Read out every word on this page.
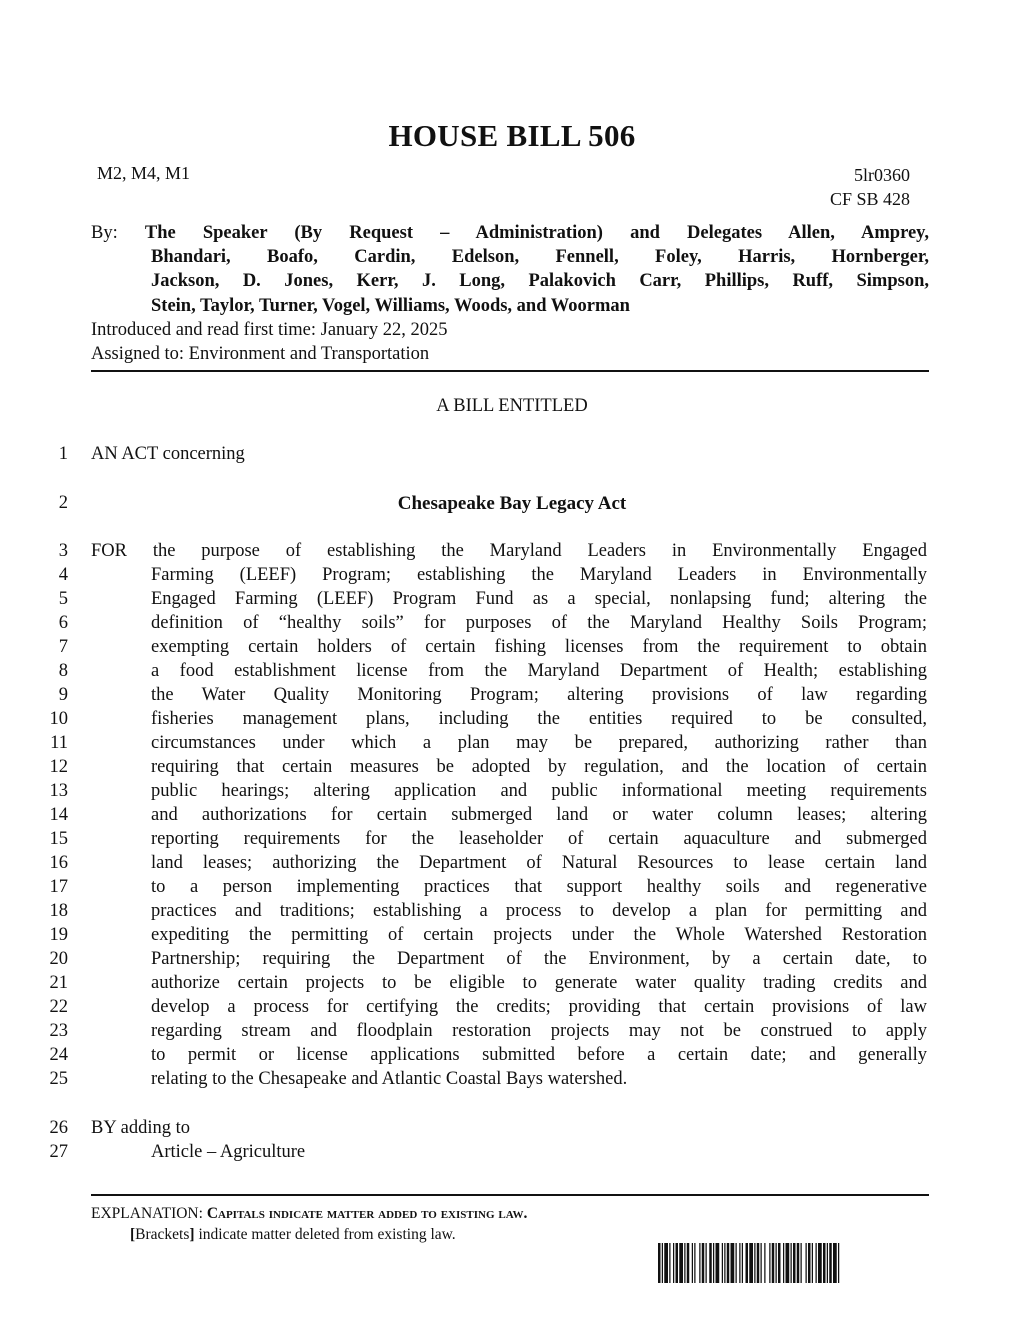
HOUSE BILL 506
M2, M4, M1	5lr0360
CF SB 428
By: The Speaker (By Request – Administration) and Delegates Allen, Amprey,
Bhandari, Boafo, Cardin, Edelson, Fennell, Foley, Harris, Hornberger,
Jackson, D. Jones, Kerr, J. Long, Palakovich Carr, Phillips, Ruff, Simpson,
Stein, Taylor, Turner, Vogel, Williams, Woods, and Woorman
Introduced and read first time: January 22, 2025
Assigned to: Environment and Transportation
A BILL ENTITLED
1 AN ACT concerning
2	Chesapeake Bay Legacy Act
3 FOR the purpose of establishing the Maryland Leaders in Environmentally Engaged
4	Farming (LEEF) Program; establishing the Maryland Leaders in Environmentally
5	Engaged Farming (LEEF) Program Fund as a special, nonlapsing fund; altering the
6	definition of “healthy soils” for purposes of the Maryland Healthy Soils Program;
7	exempting certain holders of certain fishing licenses from the requirement to obtain
8	a food establishment license from the Maryland Department of Health; establishing
9	the Water Quality Monitoring Program; altering provisions of law regarding
10	fisheries management plans, including the entities required to be consulted,
11	circumstances under which a plan may be prepared, authorizing rather than
12	requiring that certain measures be adopted by regulation, and the location of certain
13	public hearings; altering application and public informational meeting requirements
14	and authorizations for certain submerged land or water column leases; altering
15	reporting requirements for the leaseholder of certain aquaculture and submerged
16	land leases; authorizing the Department of Natural Resources to lease certain land
17	to a person implementing practices that support healthy soils and regenerative
18	practices and traditions; establishing a process to develop a plan for permitting and
19	expediting the permitting of certain projects under the Whole Watershed Restoration
20	Partnership; requiring the Department of the Environment, by a certain date, to
21	authorize certain projects to be eligible to generate water quality trading credits and
22	develop a process for certifying the credits; providing that certain provisions of law
23	regarding stream and floodplain restoration projects may not be construed to apply
24	to permit or license applications submitted before a certain date; and generally
25	relating to the Chesapeake and Atlantic Coastal Bays watershed.
26 BY adding to
27	Article – Agriculture
EXPLANATION: Capitals indicate matter added to existing law.
[Brackets] indicate matter deleted from existing law.
